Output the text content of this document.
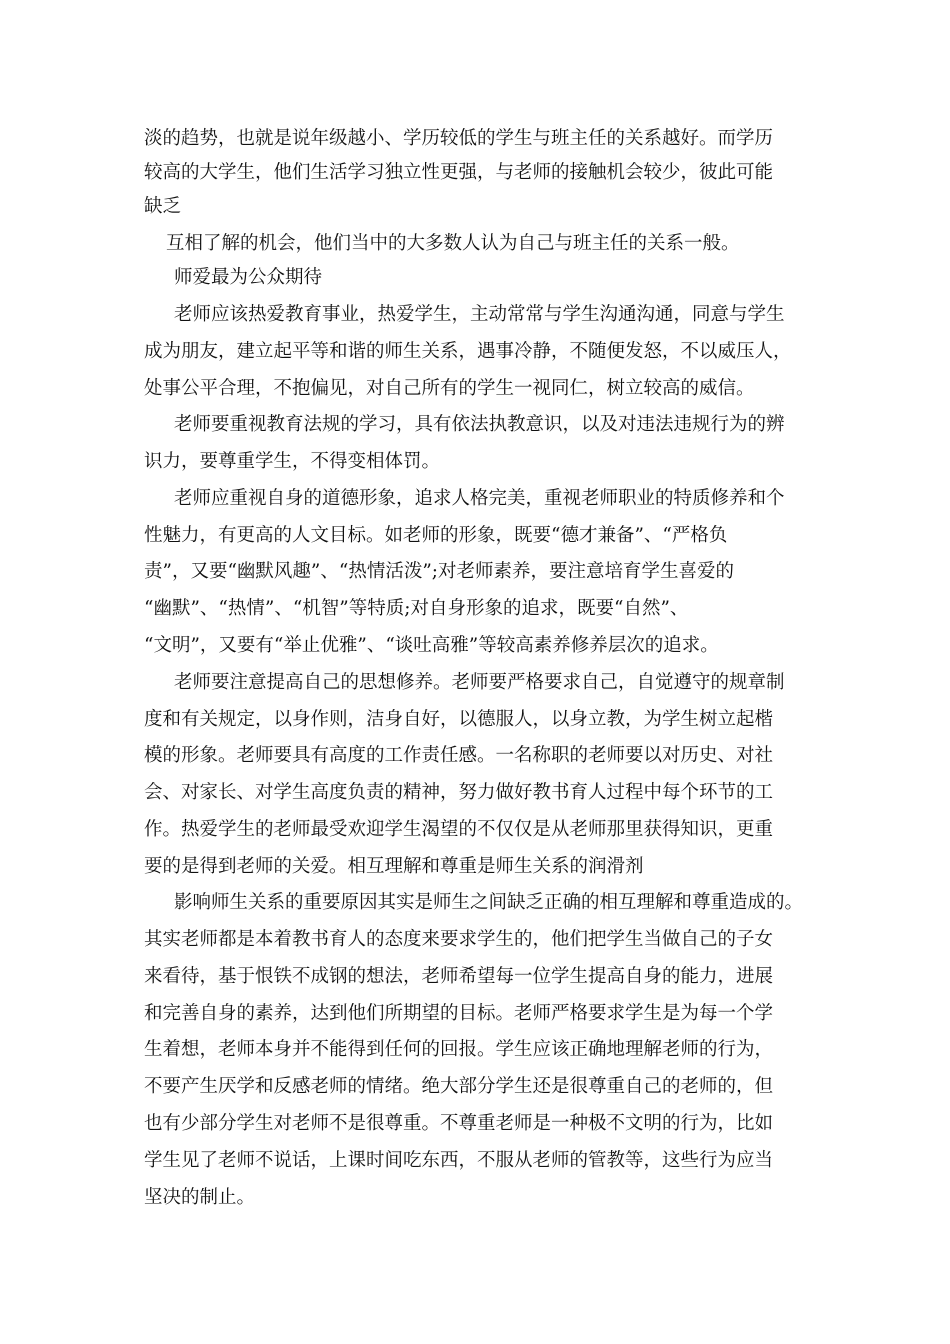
淡的趋势，也就是说年级越小、学历较低的学生与班主任的关系越好。而学历
较高的大学生，他们生活学习独立性更强，与老师的接触机会较少，彼此可能
缺乏
互相了解的机会，他们当中的大多数人认为自己与班主任的关系一般。
师爱最为公众期待
老师应该热爱教育事业，热爱学生，主动常常与学生沟通沟通，同意与学生
成为朋友，建立起平等和谐的师生关系，遇事冷静，不随便发怒，不以威压人，
处事公平合理，不抱偏见，对自己所有的学生一视同仁，树立较高的威信。
老师要重视教育法规的学习，具有依法执教意识，以及对违法违规行为的辨
识力，要尊重学生，不得变相体罚。
老师应重视自身的道德形象，追求人格完美，重视老师职业的特质修养和个
性魅力，有更高的人文目标。如老师的形象，既要“德才兼备”、“严格负
责”，又要“幽默风趣”、“热情活泼”;对老师素养，要注意培育学生喜爱的
“幽默”、“热情”、“机智”等特质;对自身形象的追求，既要“自然”、
“文明”，又要有“举止优雅”、“谈吐高雅”等较高素养修养层次的追求。
老师要注意提高自己的思想修养。老师要严格要求自己，自觉遵守的规章制
度和有关规定，以身作则，洁身自好，以德服人，以身立教，为学生树立起楷
模的形象。老师要具有高度的工作责任感。一名称职的老师要以对历史、对社
会、对家长、对学生高度负责的精神，努力做好教书育人过程中每个环节的工
作。热爱学生的老师最受欢迎学生渴望的不仅仅是从老师那里获得知识，更重
要的是得到老师的关爱。相互理解和尊重是师生关系的润滑剂
影响师生关系的重要原因其实是师生之间缺乏正确的相互理解和尊重造成的。
其实老师都是本着教书育人的态度来要求学生的，他们把学生当做自己的子女
来看待，基于恨铁不成钢的想法，老师希望每一位学生提高自身的能力，进展
和完善自身的素养，达到他们所期望的目标。老师严格要求学生是为每一个学
生着想，老师本身并不能得到任何的回报。学生应该正确地理解老师的行为，
不要产生厌学和反感老师的情绪。绝大部分学生还是很尊重自己的老师的，但
也有少部分学生对老师不是很尊重。不尊重老师是一种极不文明的行为，比如
学生见了老师不说话，上课时间吃东西，不服从老师的管教等，这些行为应当
坚决的制止。
